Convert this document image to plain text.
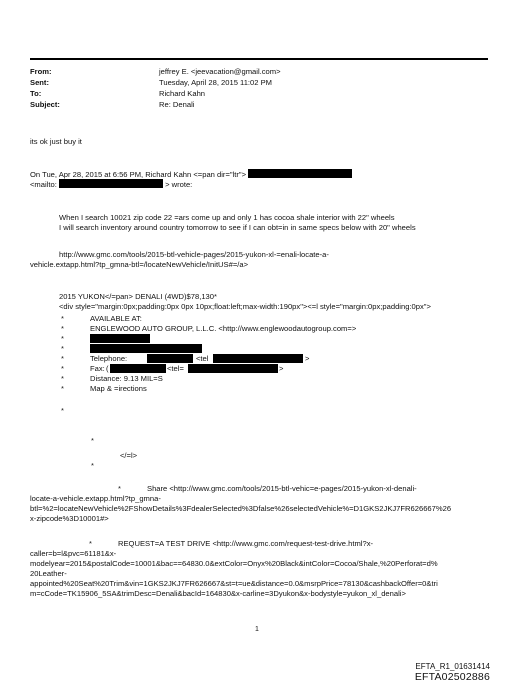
From:	jeffrey E. <jeevacation@gmail.com>
Sent:	Tuesday, April 28, 2015 11:02 PM
To:	Richard Kahn
Subject:	Re: Denali
its ok just buy it
On Tue, Apr 28, 2015 at 6:56 PM, Richard Kahn <=pan dir="ltr">
<mailto:	> wrote:
When I search 10021 zip code 22 =ars come up and only 1 has cocoa shale interior with 22" wheels
I will search inventory around country tomorrow to see if I can obt=in in same specs below with 20" wheels
http://www.gmc.com/tools/2015-btl-vehicle-pages/2015-yukon-xl-=enali-locate-a-
vehicle.extapp.html?tp_gmna-btl=/locateNewVehicle/InitUS#=/a>
2015 YUKON</=pan> DENALI (4WD)$78,130*
<div style="margin:0px;padding:0px 0px 10px;float:left;max-width:190px"><=l style="margin:0px;padding:0px">
*	AVAILABLE AT:
*	ENGLEWOOD AUTO GROUP, L.L.C. <http://www.englewoodautogroup.com=>
*
*
*	Telephone:	<tel	>
*	Fax: (	<tel=	>
*	Distance: 9.13 MIL=S
*	Map & =irections
*
*
</=l>
*
*	Share <http://www.gmc.com/tools/2015-btl-vehic=e-pages/2015-yukon-xl-denali-
locate-a-vehicle.extapp.html?tp_gmna-
btl=%2=locateNewVehicle%2FShowDetails%3FdealerSelected%3Dfalse%26selectedVehicle%=D1GKS2JKJ7FR626667%26
x-zipcode%3D10001#>
*	REQUEST=A TEST DRIVE <http://www.gmc.com/request-test-drive.html?x-
caller=b=l&pvc=61181&x-
modelyear=2015&postalCode=10001&bac==64830.0&extColor=Onyx%20Black&intColor=Cocoa/Shale,%20Perforat=d%
20Leather-
appointed%20Seat%20Trim&vin=1GKS2JKJ7FR626667&st=t=ue&distance=0.0&msrpPrice=78130&cashbackOffer=0&tri
m=cCode=TK15906_5SA&trimDesc=Denali&bacId=164830&x-carline=3Dyukon&x-bodystyle=yukon_xl_denali>
1
EFTA_R1_01631414
EFTA02502886
